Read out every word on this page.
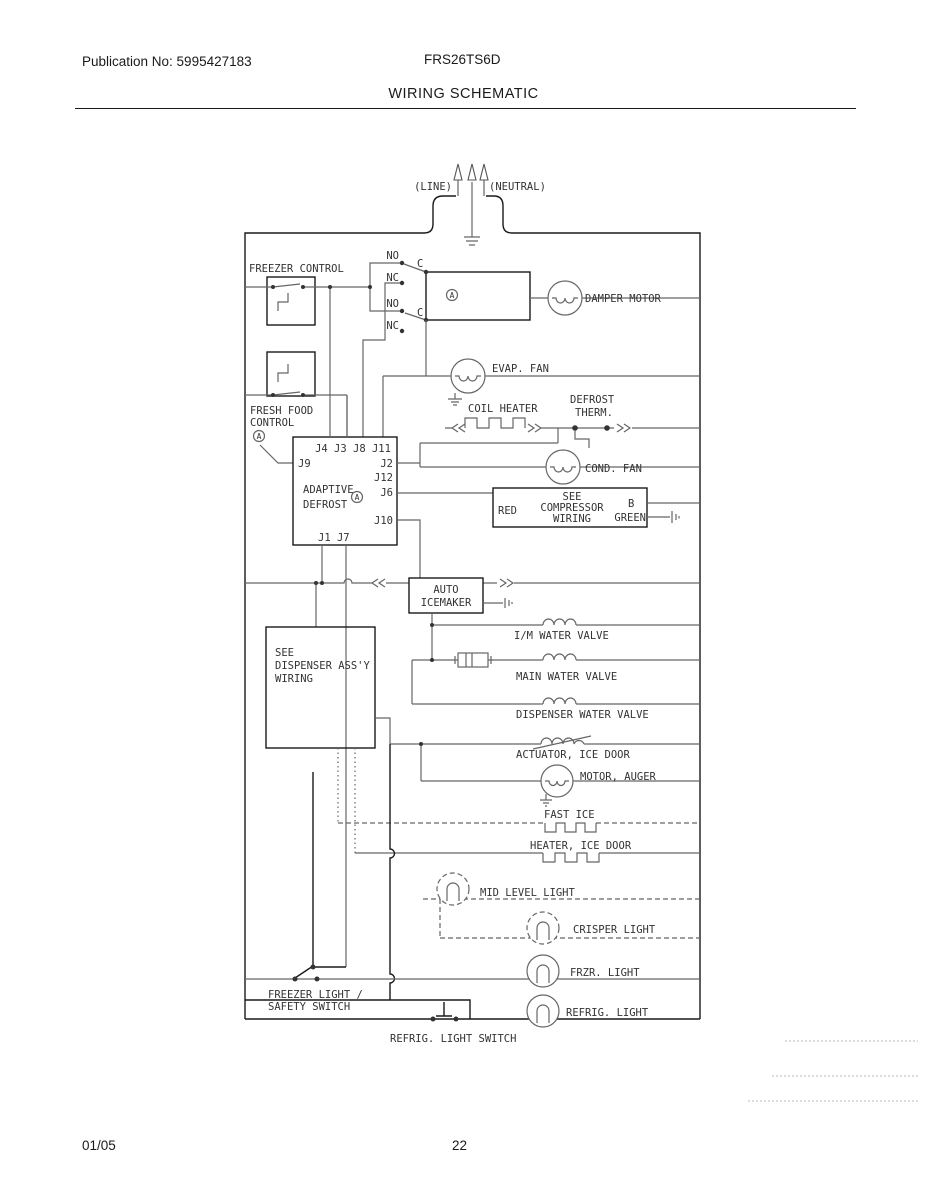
Publication No: 5995427183	FRS26TS6D
WIRING SCHEMATIC
01/05	22
(LINE)	(NEUTRAL)
FREEZER CONTROL
NO
C
NC
NO
C
NC
A	DAMPER MOTOR
EVAP. FAN
COIL HEATER
DEFROST
THERM.
COND. FAN
FRESH FOOD
CONTROL
A
J4 J3 J8 J11
J9	J2
J12
J6
ADAPTIVE
A
DEFROST
J10
J1 J7
RED
SEE
COMPRESSOR
WIRING
B
GREEN
AUTO
ICEMAKER
I/M WATER VALVE
SEE
DISPENSER ASS'Y
WIRING	MAIN WATER VALVE
DISPENSER WATER VALVE
ACTUATOR, ICE DOOR
MOTOR, AUGER
FAST ICE
HEATER, ICE DOOR
MID LEVEL LIGHT
CRISPER LIGHT
FRZR. LIGHT
REFRIG. LIGHT
FREEZER LIGHT /
SAFETY SWITCH
REFRIG. LIGHT SWITCH
